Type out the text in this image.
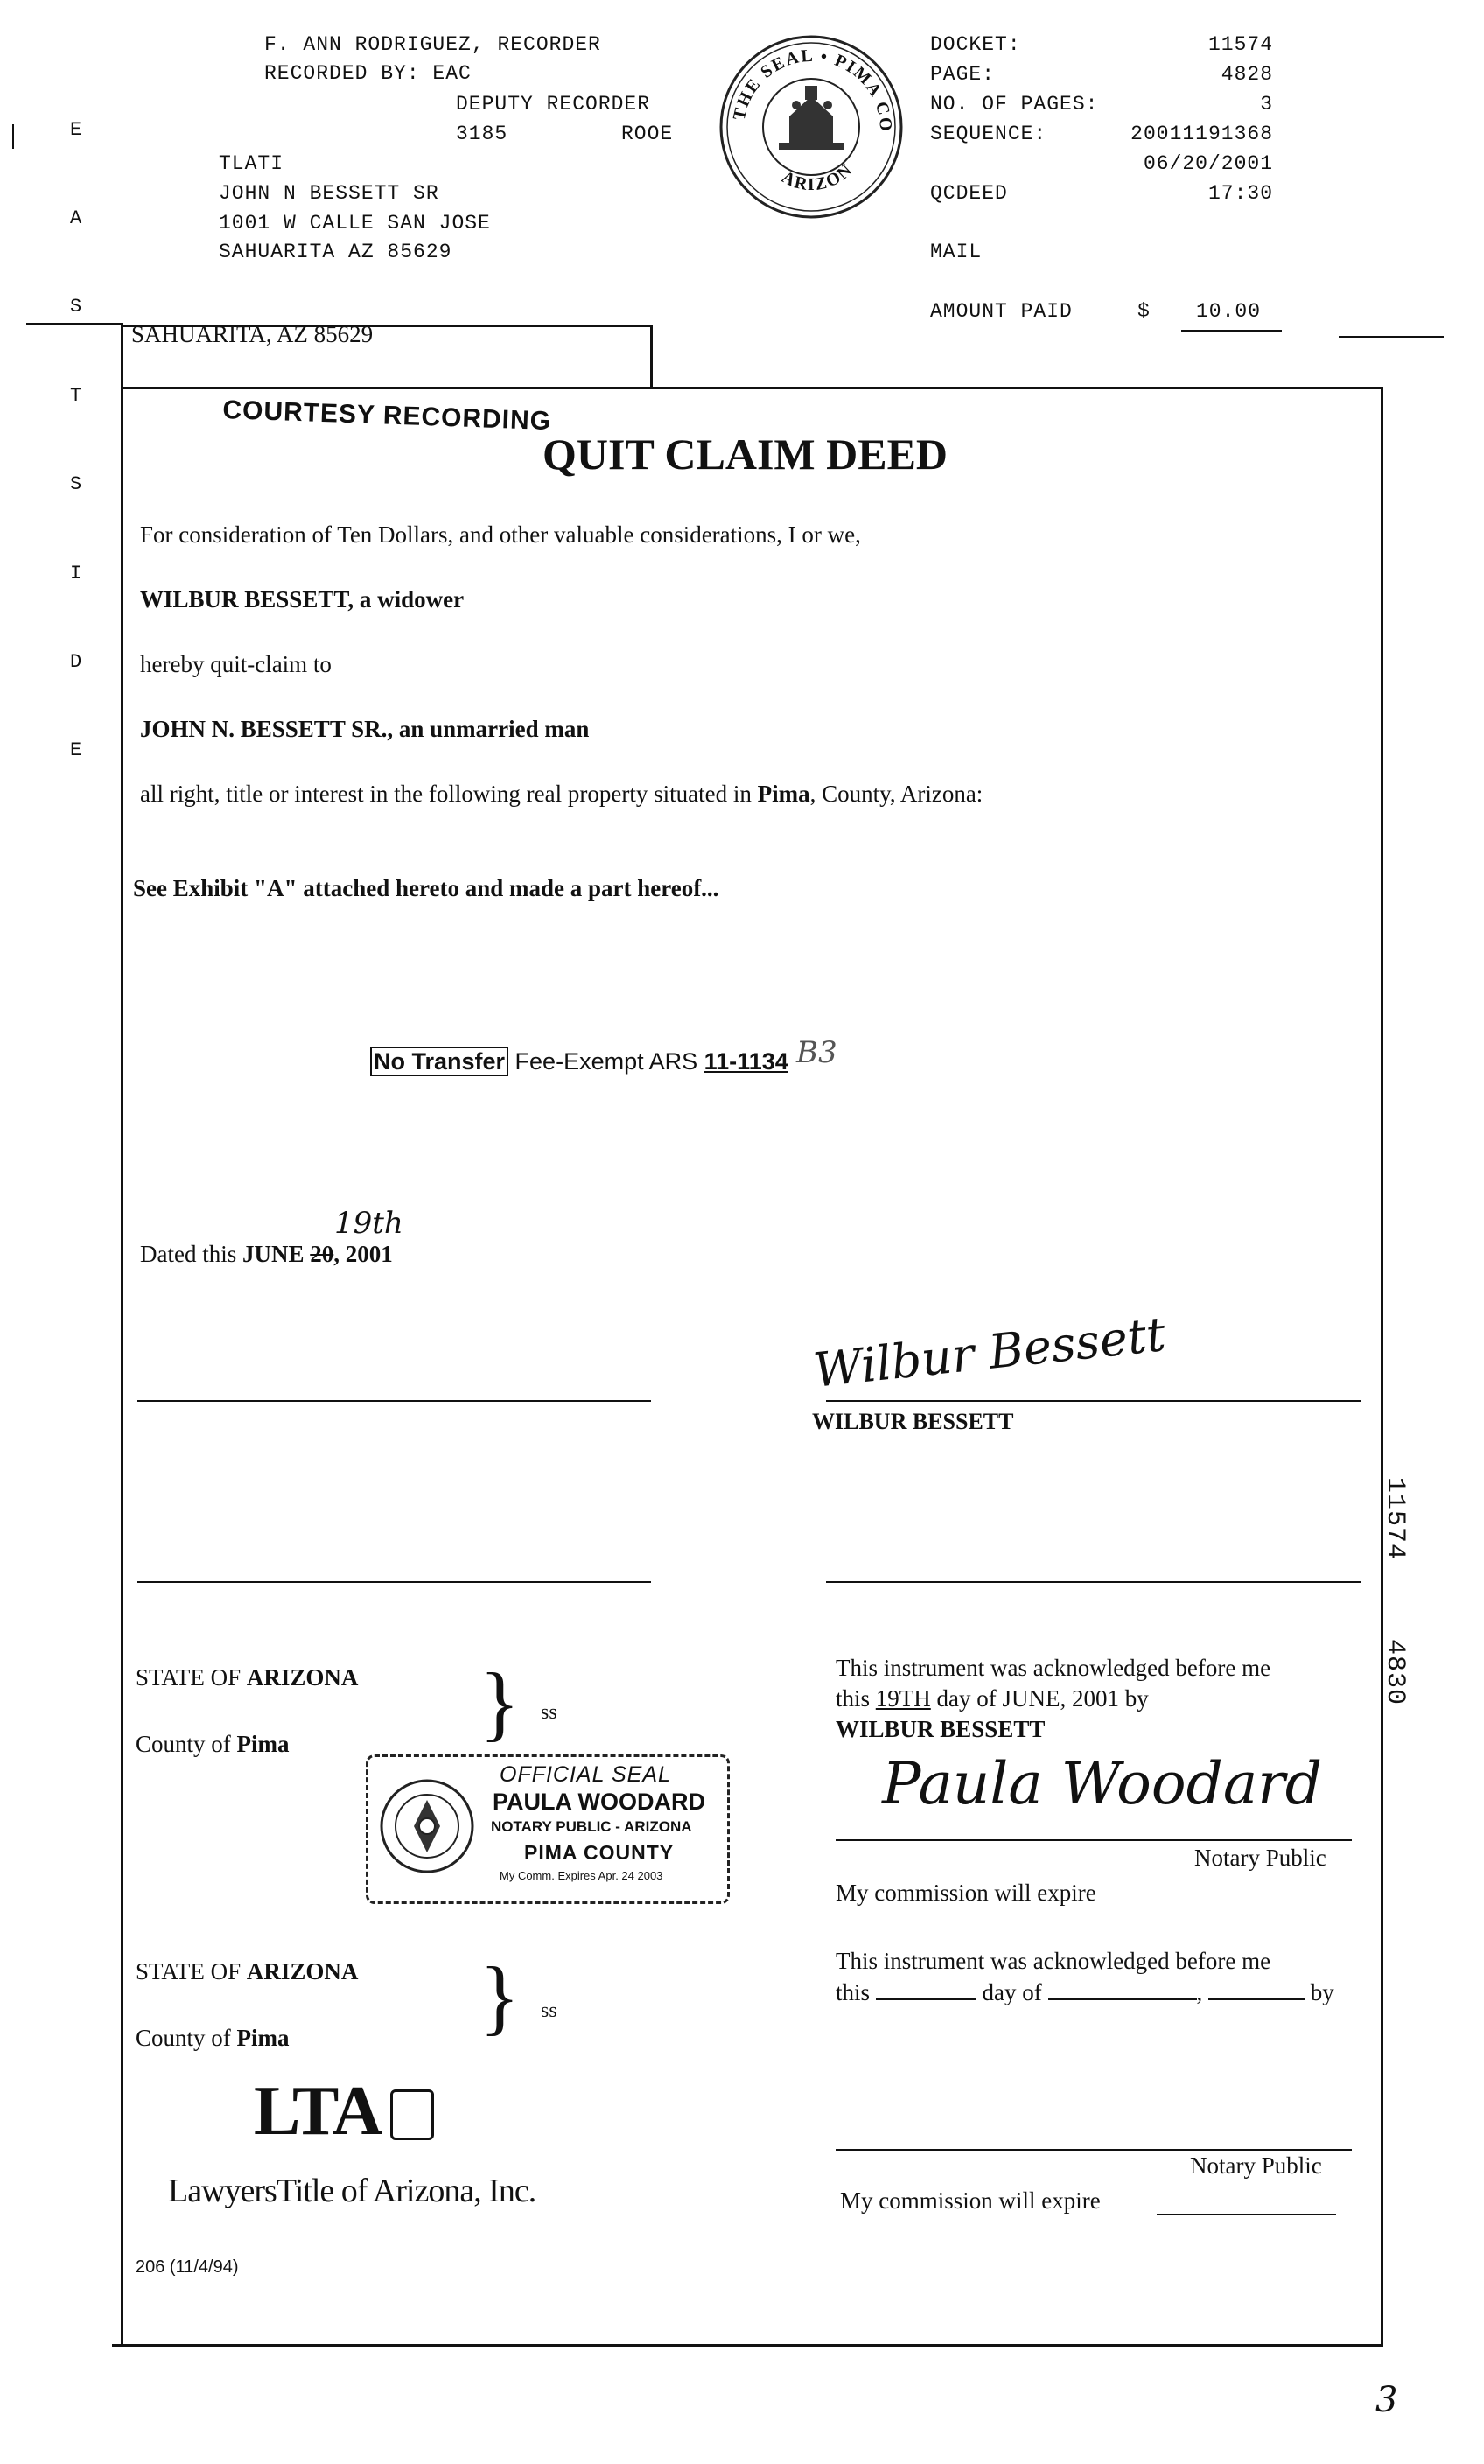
E

A

S

T

S

I

D

E

F. ANN RODRIGUEZ, RECORDER
RECORDED BY: EAC
DEPUTY RECORDER
3185	ROOE
TLATI
JOHN N BESSETT SR
1001 W CALLE SAN JOSE
SAHUARITA AZ 85629
THE SEAL • PIMA CO
ARIZON
DOCKET:	11574
PAGE:	4828
NO. OF PAGES:	3
SEQUENCE:	20011191368
06/20/2001
QCDEED	17:30
MAIL
AMOUNT PAID	$ 10.00
SAHUARITA, AZ 85629
COURTESY RECORDING
QUIT CLAIM DEED
For consideration of Ten Dollars, and other valuable considerations, I or we,
WILBUR BESSETT, a widower
hereby quit-claim to
JOHN N. BESSETT SR., an unmarried man
all right, title or interest in the following real property situated in Pima, County, Arizona:
See Exhibit "A" attached hereto and made a part hereof...
No Transfer Fee-Exempt ARS 11-1134 B3
Dated this JUNE 20, 2001
19th
Wilbur Bessett
WILBUR BESSETT
STATE OF ARIZONA
County of Pima } ss
This instrument was acknowledged before me
this 19TH day of JUNE, 2001 by
WILBUR BESSETT
Paula Woodard
Notary Public
My commission will expire
OFFICIAL SEAL
PAULA WOODARD
NOTARY PUBLIC - ARIZONA
PIMA COUNTY
My Comm. Expires Apr. 24 2003
STATE OF ARIZONA
County of Pima } ss
This instrument was acknowledged before me
this	day of	,	by
Notary Public
My commission will expire
LTA
LawyersTitle of Arizona, Inc.
206 (11/4/94)

11574

4830

3
